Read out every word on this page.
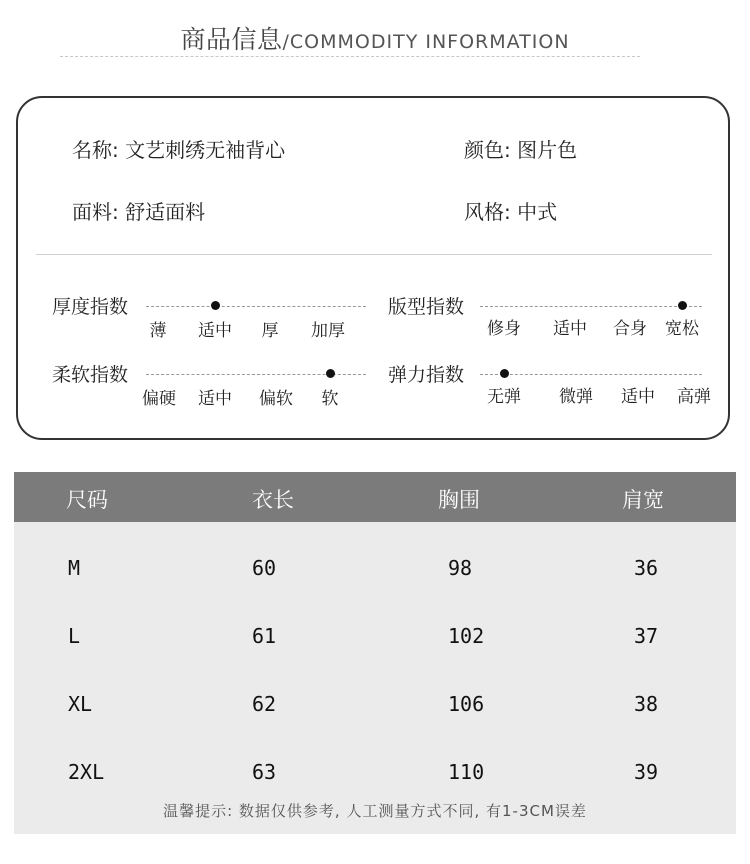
商品信息/COMMODITY INFORMATION
名称: 文艺刺绣无袖背心	颜色: 图片色
面料: 舒适面料	风格: 中式
厚度指数
薄 适中 厚 加厚
版型指数
修身 适中 合身 宽松
柔软指数
偏硬 适中 偏软 软
弹力指数
无弹 微弹 适中 高弹
尺码	衣长	胸围	肩宽
M	60	98	36
L	61	102	37
XL	62	106	38
2XL	63	110	39
温馨提示: 数据仅供参考, 人工测量方式不同, 有1-3CM误差
